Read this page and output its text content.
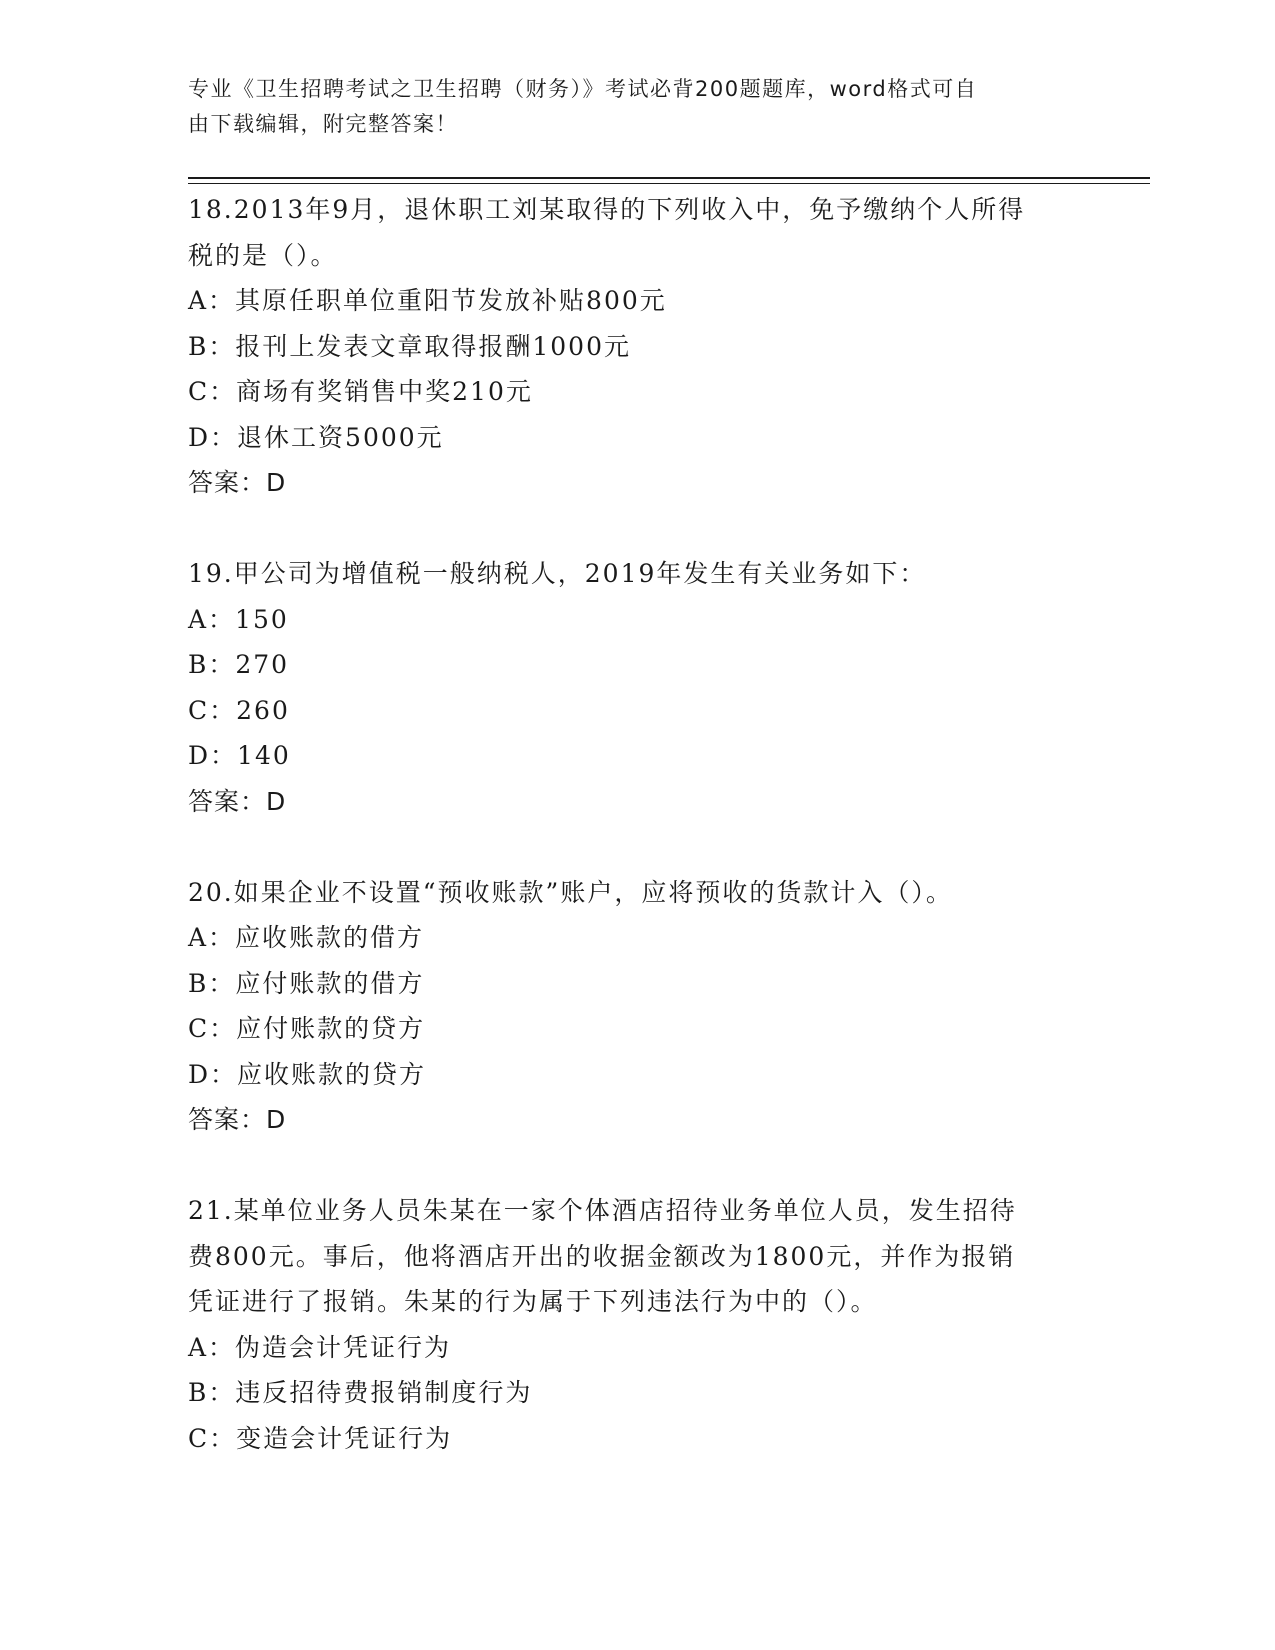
专业《卫生招聘考试之卫生招聘（财务）》考试必背200题题库，word格式可自
由下载编辑，附完整答案！
18.2013年9月，退休职工刘某取得的下列收入中，免予缴纳个人所得
税的是（）。
A：其原任职单位重阳节发放补贴800元
B：报刊上发表文章取得报酬1000元
C：商场有奖销售中奖210元
D：退休工资5000元
答案：D
19.甲公司为增值税一般纳税人，2019年发生有关业务如下：
A：150
B：270
C：260
D：140
答案：D
20.如果企业不设置“预收账款”账户，应将预收的货款计入（）。
A：应收账款的借方
B：应付账款的借方
C：应付账款的贷方
D：应收账款的贷方
答案：D
21.某单位业务人员朱某在一家个体酒店招待业务单位人员，发生招待
费800元。事后，他将酒店开出的收据金额改为1800元，并作为报销
凭证进行了报销。朱某的行为属于下列违法行为中的（）。
A：伪造会计凭证行为
B：违反招待费报销制度行为
C：变造会计凭证行为
